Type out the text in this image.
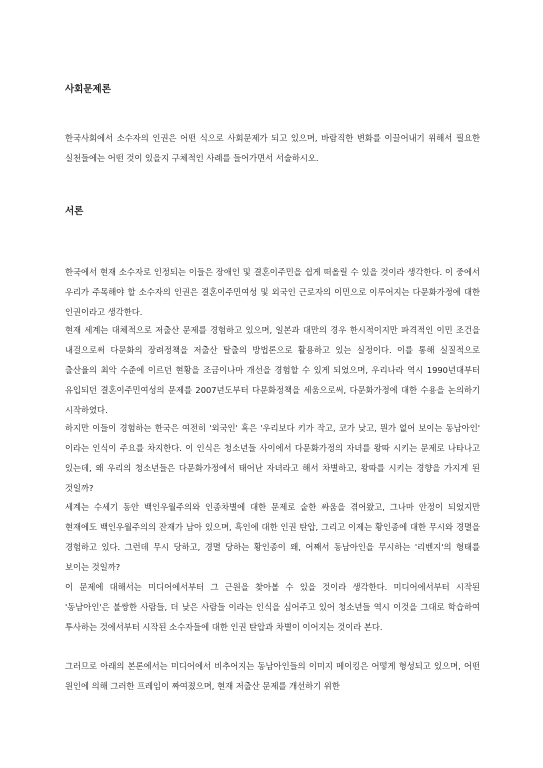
사회문제론
한국사회에서 소수자의 인권은 어떤 식으로 사회문제가 되고 있으며, 바람직한 변화를 이끌어내기 위해서 필요한 실천들에는 어떤 것이 있을지 구체적인 사례를 들어가면서 서술하시오.
서론
한국에서 현재 소수자로 인정되는 이들은 장애인 및 결혼이주민을 쉽게 떠올릴 수 있을 것이라 생각한다. 이 중에서 우리가 주목해야 할 소수자의 인권은 결혼이주민여성 및 외국인 근로자의 이민으로 이루어지는 다문화가정에 대한 인권이라고 생각한다.
현재 세계는 대체적으로 저출산 문제를 경험하고 있으며, 일본과 대만의 경우 한시적이지만 파격적인 이민 조건을 내걸으로써 다문화의 장려정책을 저출산 탈출의 방법론으로 활용하고 있는 실정이다. 이를 통해 실질적으로 출산율의 최악 수준에 이르던 현황을 조금이나마 개선을 경험할 수 있게 되었으며, 우리나라 역시 1990년대부터 유입되던 결혼이주민여성의 문제를 2007년도부터 다문화정책을 세움으로써, 다문화가정에 대한 수용을 논의하기 시작하였다.
하지만 이들이 경험하는 한국은 여전히 '외국인' 혹은 '우리보다 키가 작고, 코가 낮고, 뭔가 없어 보이는 동남아인' 이라는 인식이 주요를 차지한다. 이 인식은 청소년들 사이에서 다문화가정의 자녀를 왕따 시키는 문제로 나타나고 있는데, 왜 우리의 청소년들은 다문화가정에서 태어난 자녀라고 해서 차별하고, 왕따를 시키는 경향을 가지게 된 것일까?
세계는 수세기 동안 백인우월주의와 인종차별에 대한 문제로 숱한 싸움을 겪어왔고, 그나마 안정이 되었지만 현재에도 백인우월주의의 잔재가 남아 있으며, 흑인에 대한 인권 탄압, 그리고 이제는 황인종에 대한 무시와 경멸을 경험하고 있다. 그런데 무시 당하고, 경멸 당하는 황인종이 왜, 어째서 동남아인을 무시하는 '리벤지'의 형태를 보이는 것일까?
이 문제에 대해서는 미디어에서부터 그 근원을 찾아볼 수 있을 것이라 생각한다. 미디어에서부터 시작된 '동남아인'은 불쌍한 사람들, 더 낮은 사람들 이라는 인식을 심어주고 있어 청소년들 역시 이것을 그대로 학습하여 투사하는 것에서부터 시작된 소수자들에 대한 인권 탄압과 차별이 이어지는 것이라 본다.
그러므로 아래의 본론에서는 미디어에서 비추어지는 동남아인들의 이미지 메이킹은 어떻게 형성되고 있으며, 어떤 원인에 의해 그러한 프레임이 짜여졌으며, 현재 저출산 문제를 개선하기 위한
